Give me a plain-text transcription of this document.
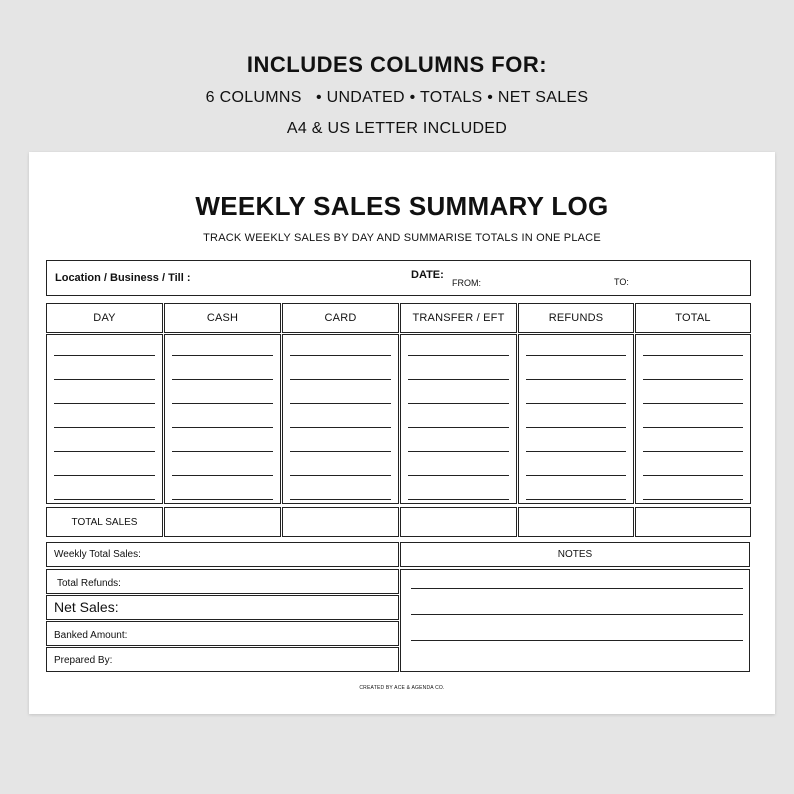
INCLUDES COLUMNS FOR:
6 COLUMNS   • UNDATED • TOTALS • NET SALES
A4 & US LETTER INCLUDED
WEEKLY SALES SUMMARY LOG
TRACK WEEKLY SALES BY DAY AND SUMMARISE TOTALS IN ONE PLACE
Location / Business / Till :	DATE:
FROM:	TO:
DAY	CASH	CARD	TRANSFER / EFT	REFUNDS	TOTAL
TOTAL SALES
Weekly Total Sales:
Total Refunds:
Net Sales:
Banked Amount:
Prepared By:
NOTES
CREATED BY ACE & AGENDA CO.
